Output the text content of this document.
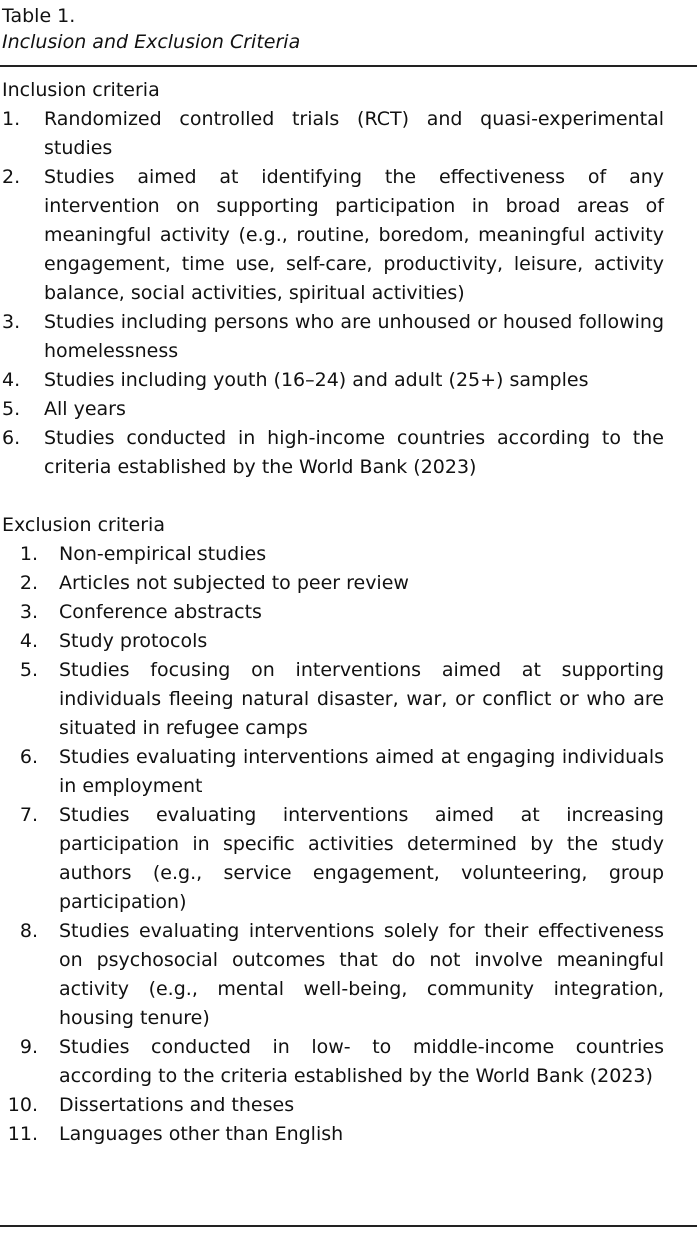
Table 1.
Inclusion and Exclusion Criteria
Inclusion criteria
1.	Randomized controlled trials (RCT) and quasi-experimental studies
2.	Studies aimed at identifying the effectiveness of any intervention on supporting participation in broad areas of meaningful activity (e.g., routine, boredom, meaningful activity engagement, time use, self-care, productivity, leisure, activity balance, social activities, spiritual activities)
3.	Studies including persons who are unhoused or housed following homelessness
4.	Studies including youth (16–24) and adult (25+) samples
5.	All years
6.	Studies conducted in high-income countries according to the criteria established by the World Bank (2023)
Exclusion criteria
1.	Non-empirical studies
2.	Articles not subjected to peer review
3.	Conference abstracts
4.	Study protocols
5.	Studies focusing on interventions aimed at supporting individuals fleeing natural disaster, war, or conflict or who are situated in refugee camps
6.	Studies evaluating interventions aimed at engaging individuals in employment
7.	Studies evaluating interventions aimed at increasing participation in specific activities determined by the study authors (e.g., service engagement, volunteering, group participation)
8.	Studies evaluating interventions solely for their effectiveness on psychosocial outcomes that do not involve meaningful activity (e.g., mental well-being, community integration, housing tenure)
9.	Studies conducted in low- to middle-income countries according to the criteria established by the World Bank (2023)
10.	Dissertations and theses
11.	Languages other than English
